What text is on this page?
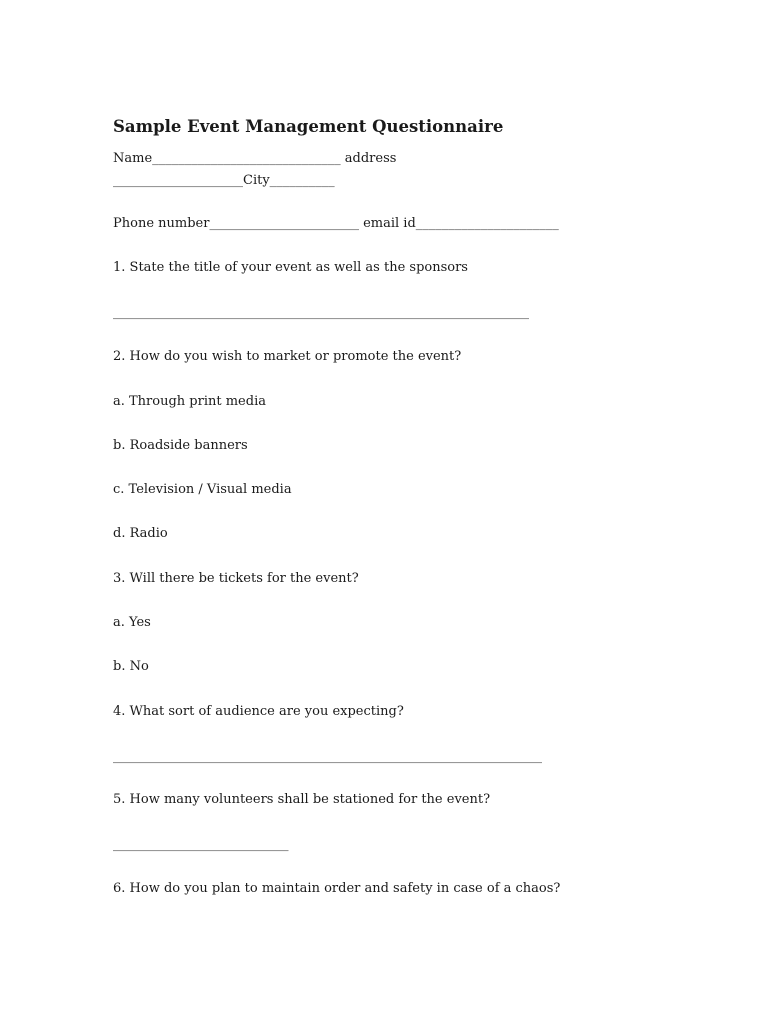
Sample Event Management Questionnaire

Name_____________________________ address

____________________City__________

Phone number_______________________ email id______________________

1. State the title of your event as well as the sponsors

________________________________________________________________

2. How do you wish to market or promote the event?

a. Through print media

b. Roadside banners

c. Television / Visual media

d. Radio

3. Will there be tickets for the event?

a. Yes

b. No

4. What sort of audience are you expecting?

__________________________________________________________________

5. How many volunteers shall be stationed for the event?

___________________________

6. How do you plan to maintain order and safety in case of a chaos?
